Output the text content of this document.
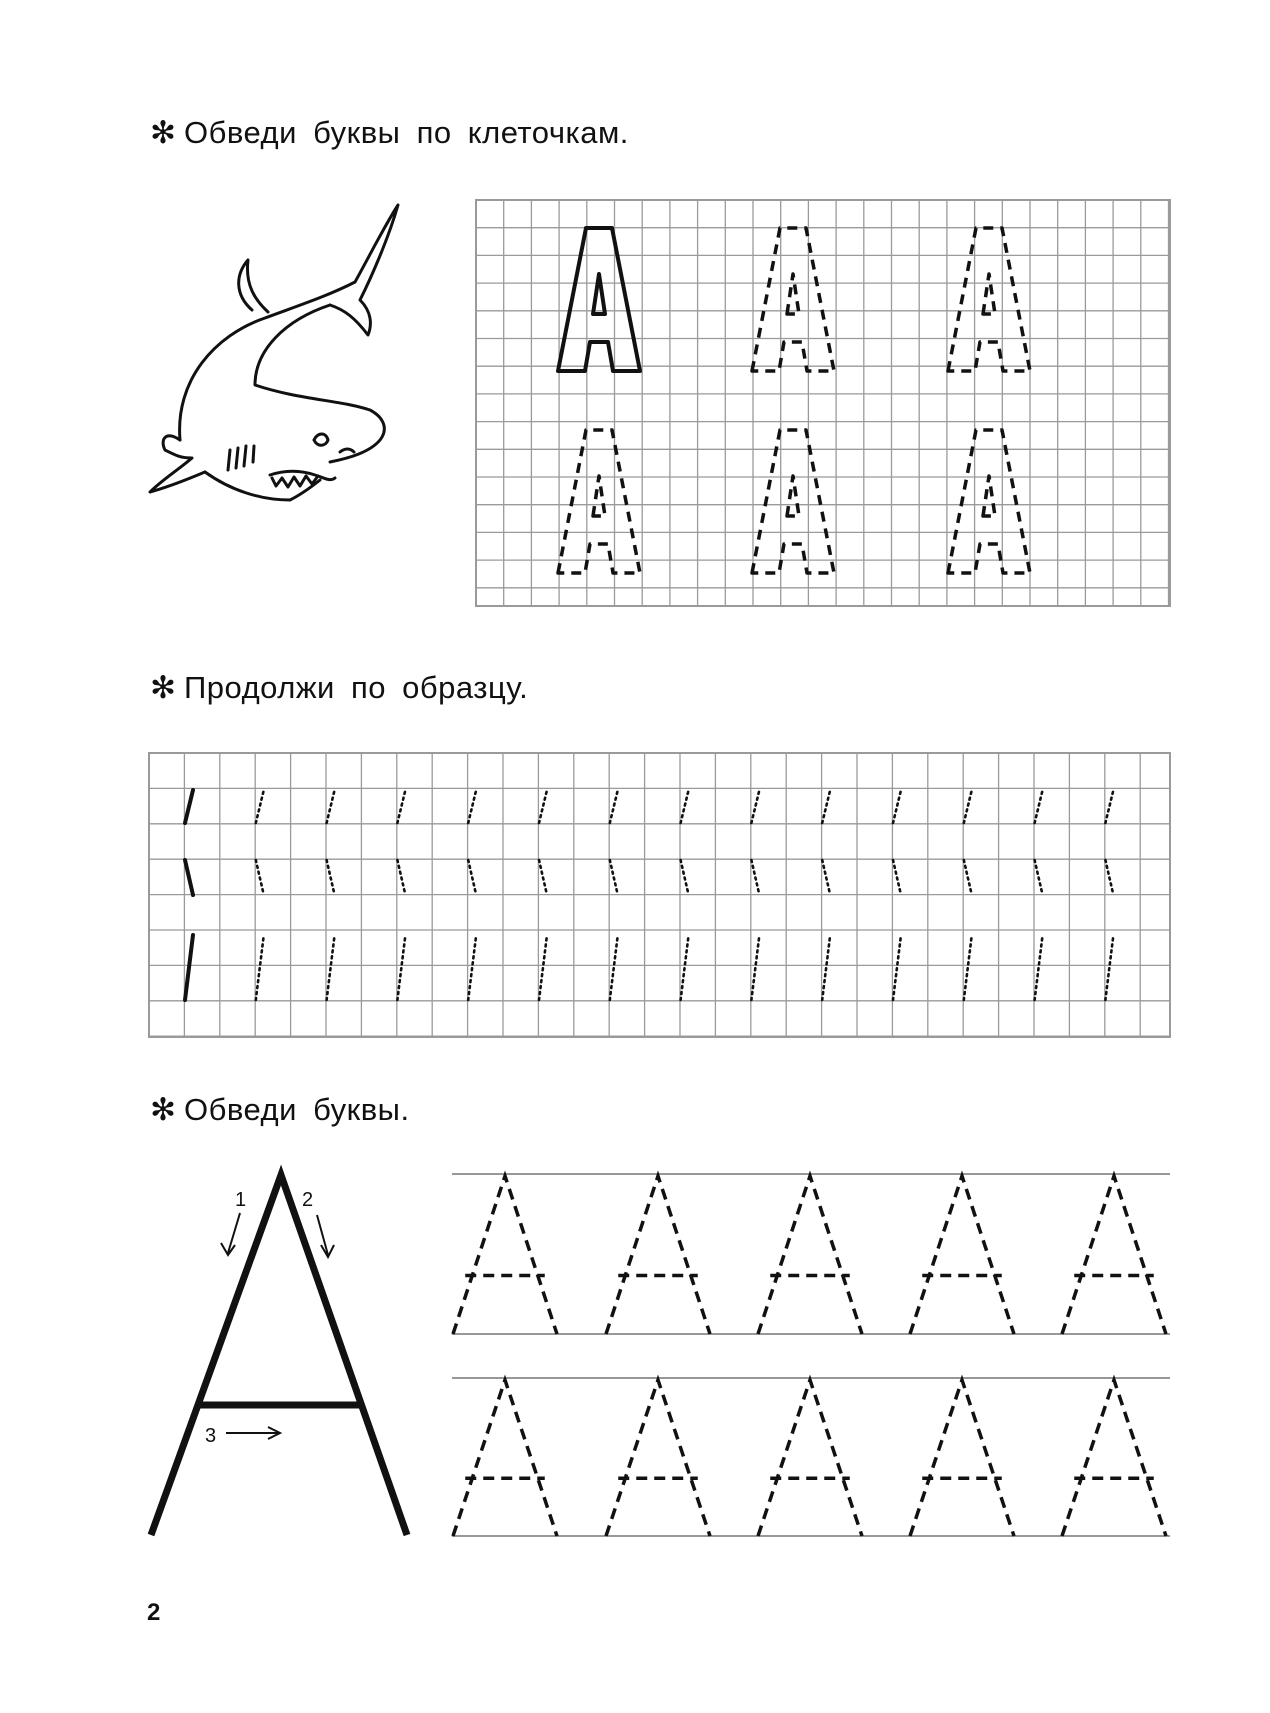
✻ Обведи буквы по клеточкам.
✻ Продолжи по образцу.
✻ Обведи буквы.
1	2
3
2
